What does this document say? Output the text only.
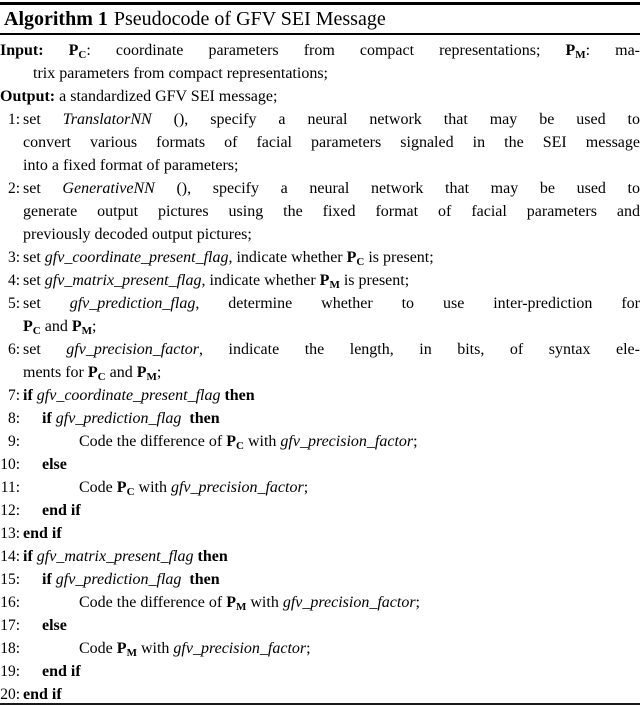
Algorithm 1 Pseudocode of GFV SEI Message
Input: $P_C$: coordinate parameters from compact representations; $P_M$: ma-
trix parameters from compact representations;
Output: a standardized GFV SEI message;
1: set TranslatorNN (), specify a neural network that may be used to
convert various formats of facial parameters signaled in the SEI message
into a fixed format of parameters;
2: set GenerativeNN (), specify a neural network that may be used to
generate output pictures using the fixed format of facial parameters and
previously decoded output pictures;
3: set gfv_coordinate_present_flag, indicate whether $P_C$ is present;
4: set gfv_matrix_present_flag, indicate whether $P_M$ is present;
5: set gfv_prediction_flag, determine whether to use inter-prediction for
$P_C$ and $P_M$;
6: set gfv_precision_factor, indicate the length, in bits, of syntax ele-
ments for $P_C$ and $P_M$;
7: if gfv_coordinate_present_flag then
8: if gfv_prediction_flag  then
9:	Code the difference of $P_C$ with gfv_precision_factor;
10: else
11:	Code $P_C$ with gfv_precision_factor;
12: end if
13: end if
14: if gfv_matrix_present_flag then
15: if gfv_prediction_flag  then
16:	Code the difference of $P_M$ with gfv_precision_factor;
17: else
18:	Code $P_M$ with gfv_precision_factor;
19: end if
20: end if
